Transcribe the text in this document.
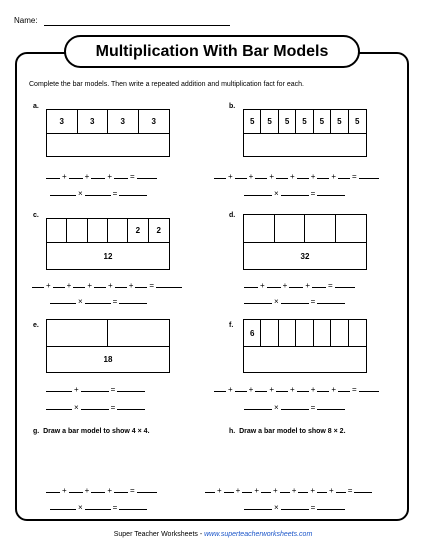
Name:
Multiplication With Bar Models
Complete the bar models. Then write a repeated addition and multiplication fact for each.
a.
3	3	3	3
+ + + =
×	=
b.
5	5	5	5	5	5	5
+ + + + + + =
×	=
c.
2	2
12
+ + + + + =
×	=
d.
32
+ + + =
×	=
e.
18
+	=
×	=
f.
6
+ + + + + + =
×	=
g. Draw a bar model to show 4 × 4.
+ + + =
×	=
h. Draw a bar model to show 8 × 2.
+ + + + + + + =
×	=
Super Teacher Worksheets - www.superteacherworksheets.com
